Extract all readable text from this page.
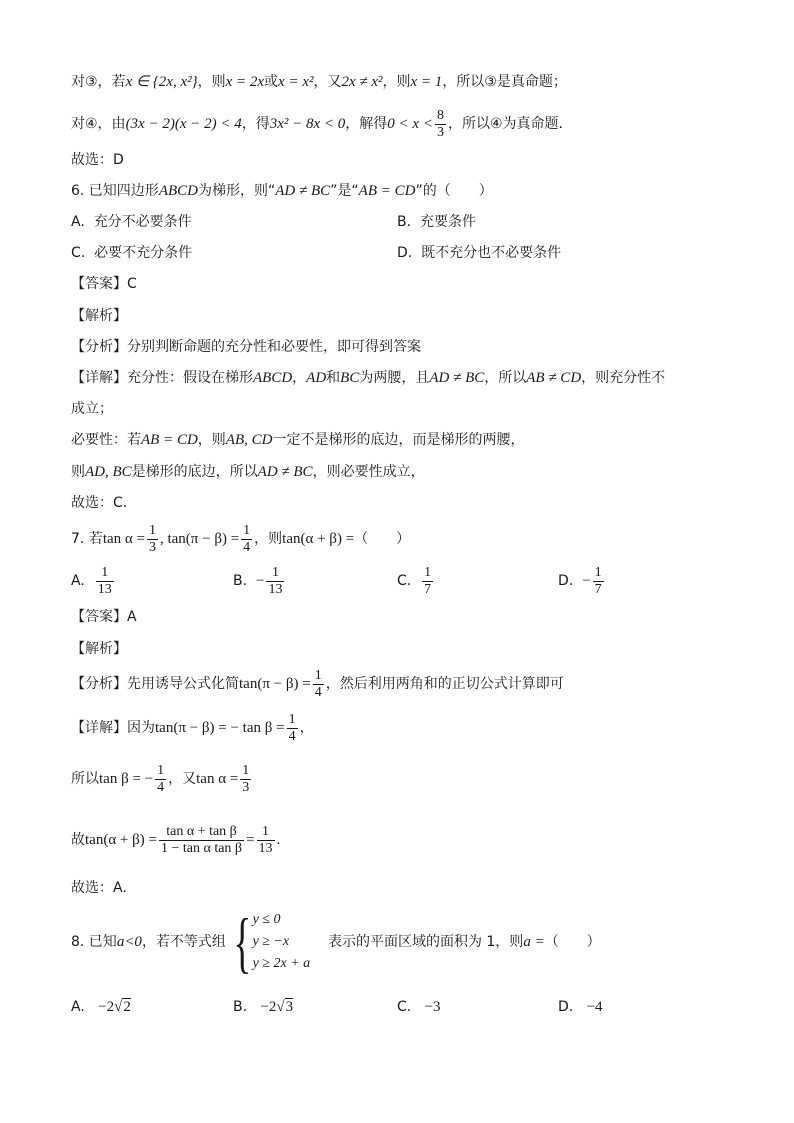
对③，若x ∈ {2x, x²}，则x = 2x或x = x²，又2x ≠ x²，则x = 1，所以③是真命题；
对④，由(3x − 2)(x − 2) < 4，得3x² − 8x < 0，解得$0 < x < \frac{8}{3}$ ，所以④为真命题.
故选：D
6. 已知四边形ABCD为梯形，则“AD ≠ BC”是“AB = CD”的（　　）
A. 充分不必要条件	B. 充要条件
C. 必要不充分条件	D. 既不充分也不必要条件
【答案】C
【解析】
【分析】分别判断命题的充分性和必要性，即可得到答案
【详解】充分性：假设在梯形ABCD，AD和BC为两腰，且AD ≠ BC，所以AB ≠ CD，则充分性不
成立；
必要性：若AB = CD，则AB, CD一定不是梯形的底边，而是梯形的两腰，
则AD, BC是梯形的底边，所以AD ≠ BC，则必要性成立，
故选：C．
7. 若$\tan \alpha = \frac{1}{3}$ , $\tan(\pi - \beta) = \frac{1}{4}$ ，则tan(α + β) =（　　）
A. $\frac{1}{13}$	B. − $\frac{1}{13}$	C. $\frac{1}{7}$	D. − $\frac{1}{7}$
【答案】A
【解析】
【分析】先用诱导公式化简$\tan(\pi - \beta) = \frac{1}{4}$ ，然后利用两角和的正切公式计算即可
【详解】因为tan(π − β) = − $\tan \beta = \frac{1}{4}$ ，
所以tan β = − $\frac{1}{4}$ ，又$\tan \alpha = \frac{1}{3}$
故$\tan(\alpha + \beta) = \frac{\text{tan α + tan β}}{\text{1 − tan α tan β}} = \frac{1}{13}$ .
故选：A.
8. 已知a<0，若不等式组 { y ≤ 0
y ≥ −x
y ≥ 2x + a
表示的平面区域的面积为 1，则a =（　　）
A. −2√2	B. −2√3	C. −3	D. −4
